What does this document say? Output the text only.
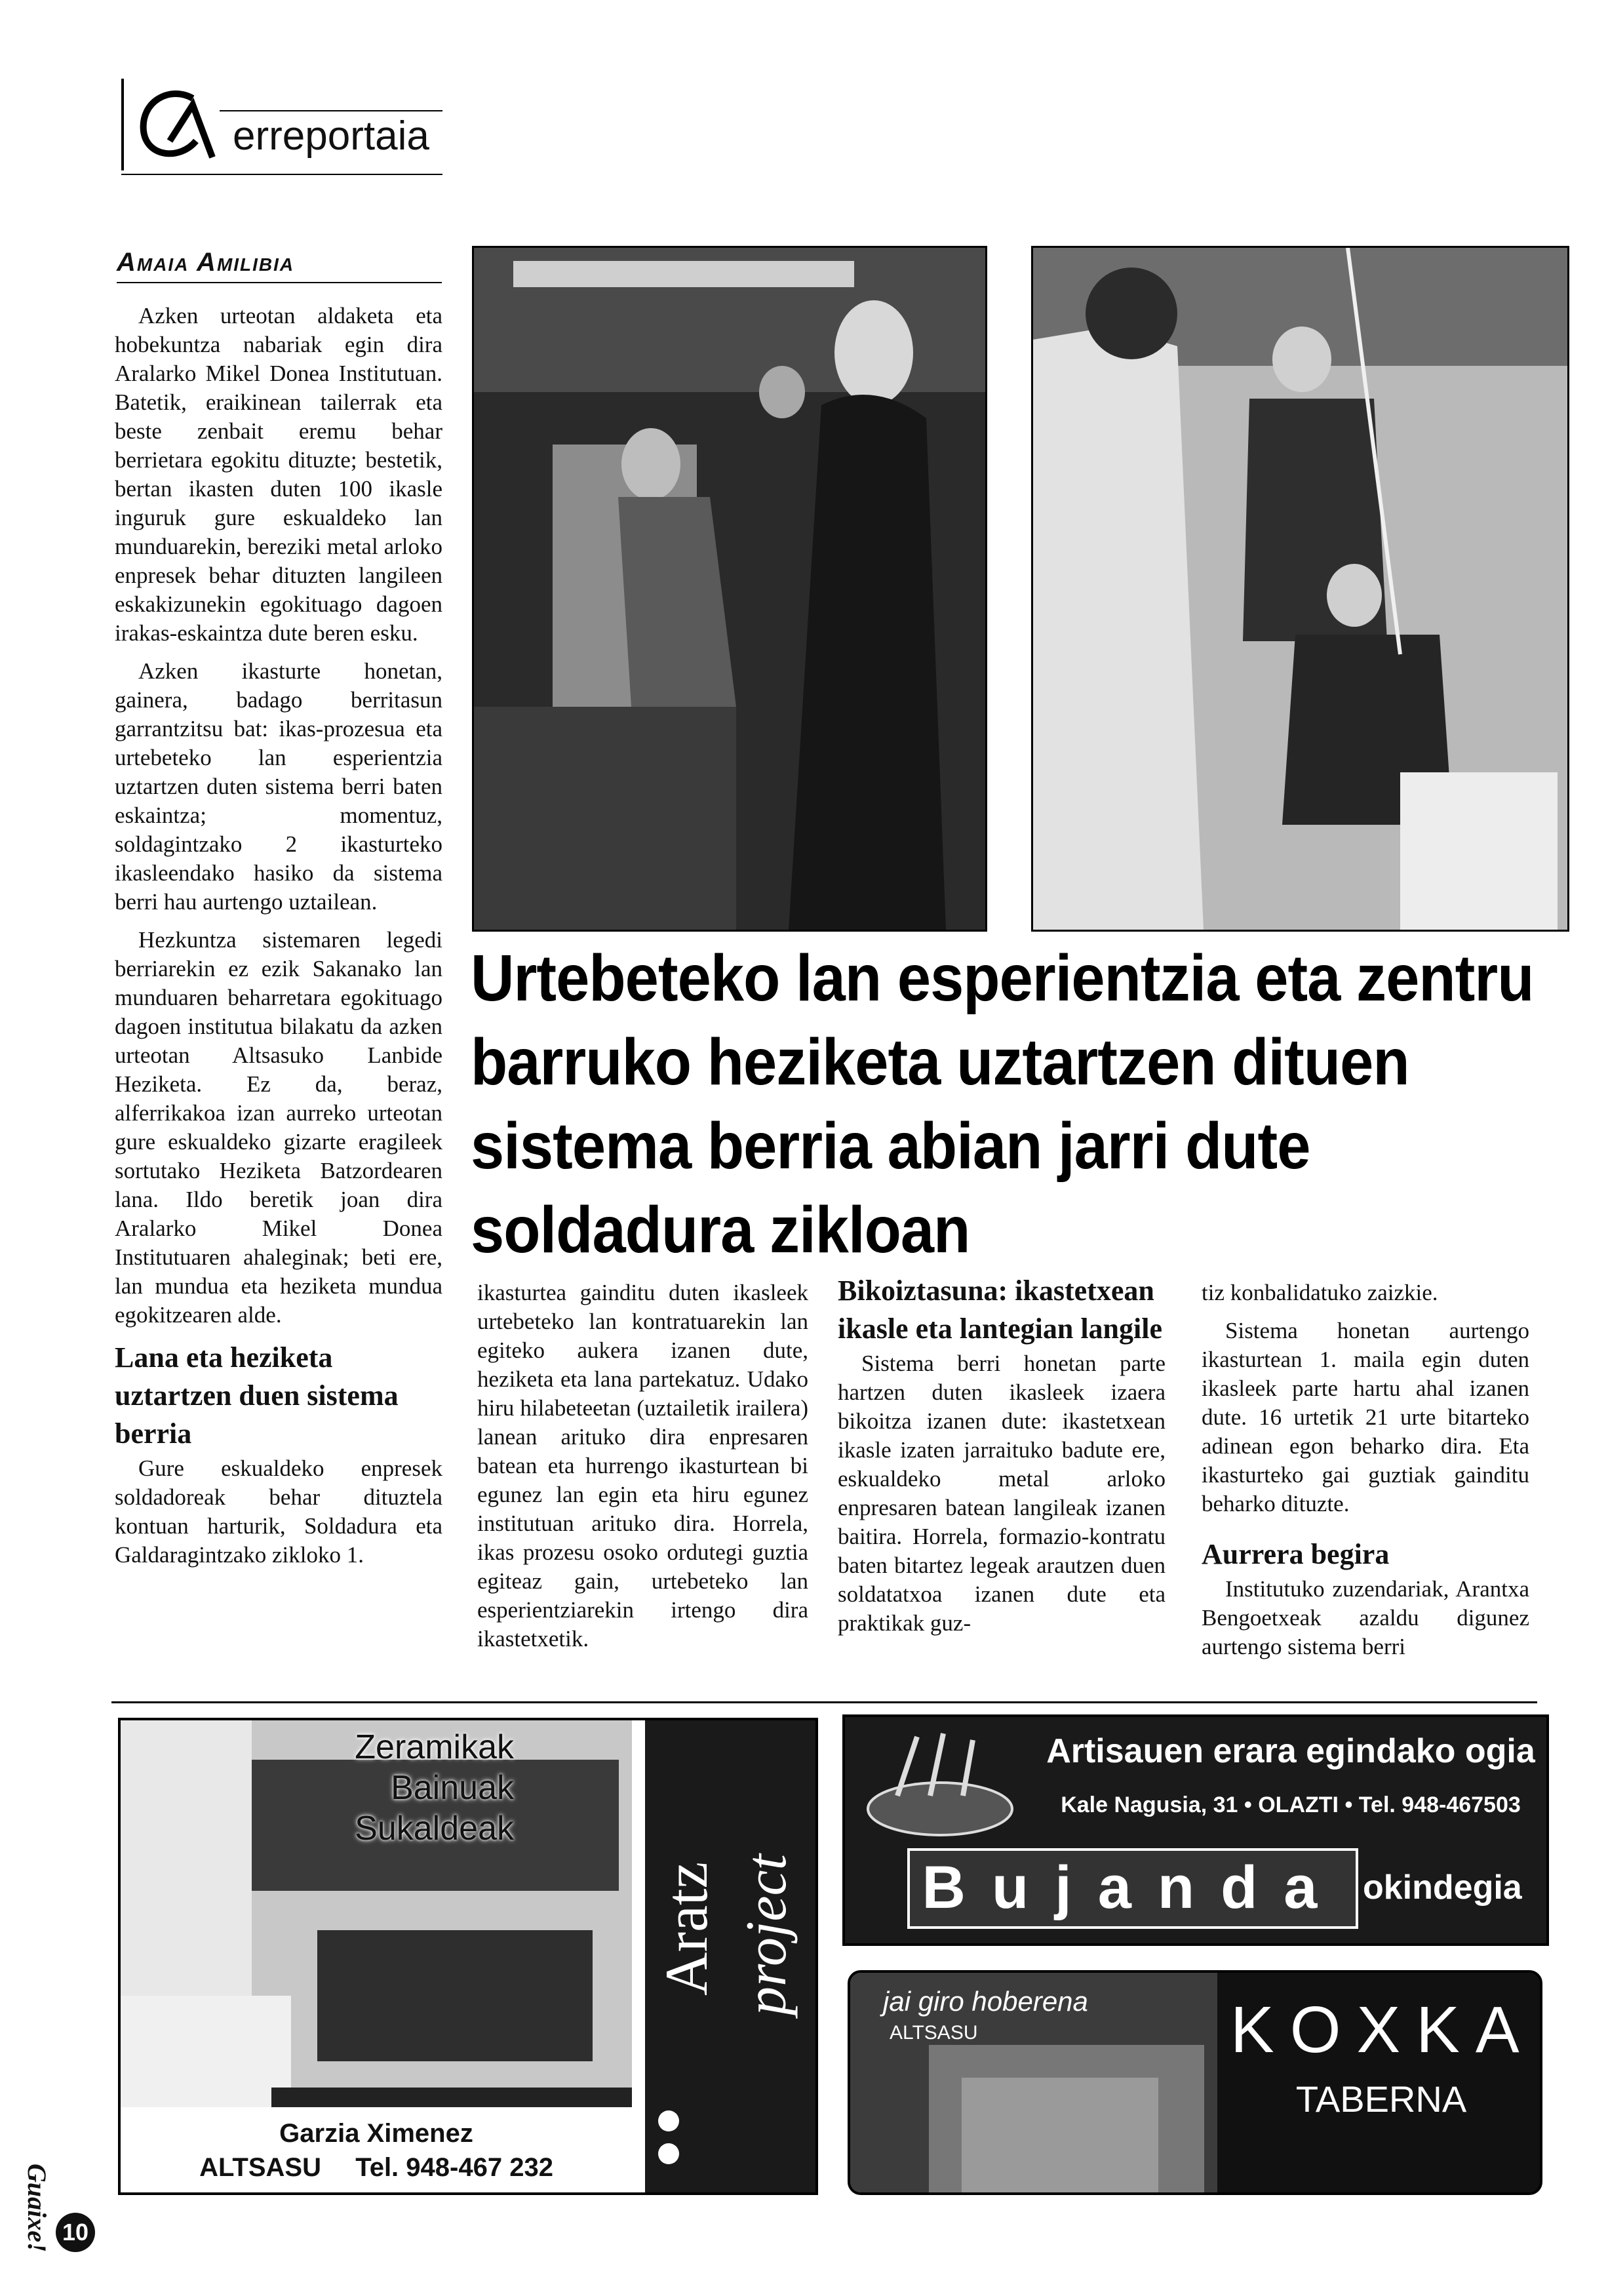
erreportaia
Amaia Amilibia

Azken urteotan aldaketa eta hobekuntza nabariak egin dira Aralarko Mikel Donea Institutuan. Batetik, eraikinean tailerrak eta beste zenbait eremu behar berrietara egokitu dituzte; bestetik, bertan ikasten duten 100 ikasle inguruk gure eskualdeko lan munduarekin, bereziki metal arloko enpresek behar dituzten langileen eskakizunekin egokituago dagoen irakas-eskaintza dute beren esku.

Azken ikasturte honetan, gainera, badago berritasun garrantzitsu bat: ikas-prozesua eta urtebeteko lan esperientzia uztartzen duten sistema berri baten eskaintza; momentuz, soldagintzako 2 ikasturteko ikasleendako hasiko da sistema berri hau aurtengo uztailean.

Hezkuntza sistemaren legedi berriarekin ez ezik Sakanako lan munduaren beharretara egokituago dagoen institutua bilakatu da azken urteotan Altsasuko Lanbide Heziketa. Ez da, beraz, alferrikakoa izan aurreko urteotan gure eskualdeko gizarte eragileek sortutako Heziketa Batzordearen lana. Ildo beretik joan dira Aralarko Mikel Donea Institutuaren ahaleginak; beti ere, lan mundua eta heziketa mundua egokitzearen alde.

Lana eta heziketa uztartzen duen sistema berria

Gure eskualdeko enpresek soldadoreak behar dituztela kontuan harturik, Soldadura eta Galdaragintzako zikloko 1.

Urtebeteko lan esperientzia eta zentru barruko heziketa uztartzen dituen sistema berria abian jarri dute soldadura zikloan

ikasturtea gainditu duten ikasleek urtebeteko lan kontratuarekin lan egiteko aukera izanen dute, heziketa eta lana partekatuz. Udako hiru hilabeteetan (uztailetik irailera) lanean arituko dira enpresaren batean eta hurrengo ikasturtean bi egunez lan egin eta hiru egunez institutuan arituko dira. Horrela, ikas prozesu osoko ordutegi guztia egiteaz gain, urtebeteko lan esperientziarekin irtengo dira ikastetxetik.

Bikoiztasuna: ikastetxean ikasle eta lantegian langile

Sistema berri honetan parte hartzen duten ikasleek izaera bikoitza izanen dute: ikastetxean ikasle izaten jarraituko badute ere, eskualdeko metal arloko enpresaren batean langileak izanen baitira. Horrela, formazio-kontratu baten bitartez legeak arautzen duen soldatatxoa izanen dute eta praktikak guz-

tiz konbalidatuko zaizkie.

Sistema honetan aurtengo ikasturtean 1. maila egin duten ikasleek parte hartu ahal izanen dute. 16 urtetik 21 urte bitarteko adinean egon beharko dira. Eta ikasturteko gai guztiak gainditu beharko dituzte.

Aurrera begira

Institutuko zuzendariak, Arantxa Bengoetxeak azaldu digunez aurtengo sistema berri

Zeramikak
Bainuak
Sukaldeak
Aratz project
Garzia Ximenez
ALTSASU Tel. 948-467 232
Artisauen erara egindako ogia
Kale Nagusia, 31 • OLAZTI • Tel. 948-467503
Bujanda okindegia
jai giro hoberena
ALTSASU	KOXKA
TABERNA
Guaixe! 10
